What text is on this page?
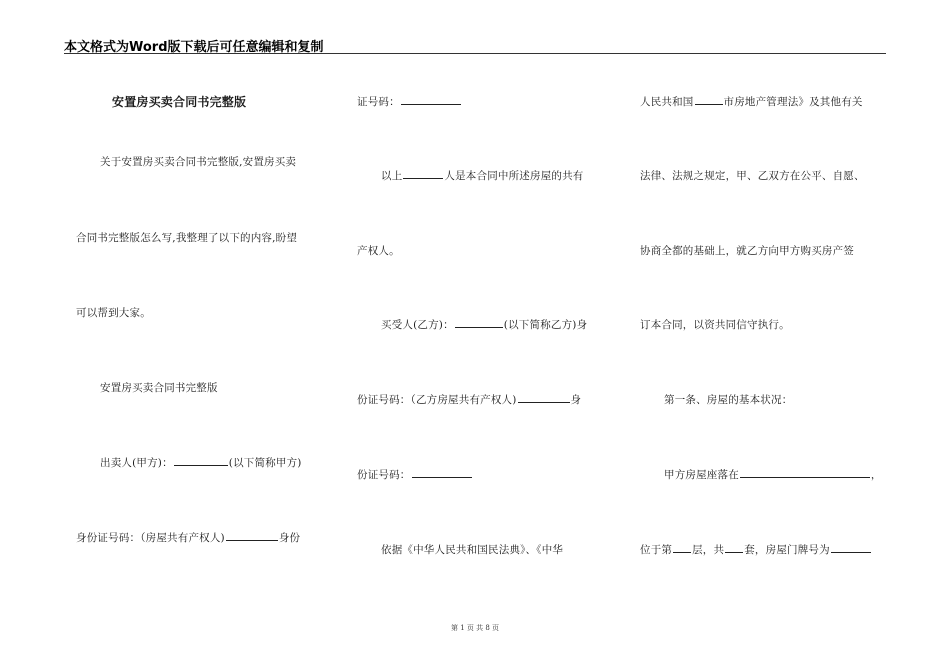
本文格式为Word版下载后可任意编辑和复制
安置房买卖合同书完整版
关于安置房买卖合同书完整版,安置房买卖
合同书完整版怎么写,我整理了以下的内容,盼望
可以帮到大家。
安置房买卖合同书完整版
出卖人(甲方)：	(以下简称甲方)
身份证号码：（房屋共有产权人)	身份
证号码：
以上	人是本合同中所述房屋的共有
产权人。
买受人(乙方)：	(以下简称乙方)身
份证号码：（乙方房屋共有产权人)	身
份证号码：
依据《中华人民共和国民法典》、《中华
人民共和国	市房地产管理法》及其他有关
法律、法规之规定，甲、乙双方在公平、自愿、
协商全都的基础上，就乙方向甲方购买房产签
订本合同，以资共同信守执行。
第一条、房屋的基本状况：
甲方房屋座落在	，
位于第 层，共 套，房屋门牌号为
第 1 页 共 8 页
